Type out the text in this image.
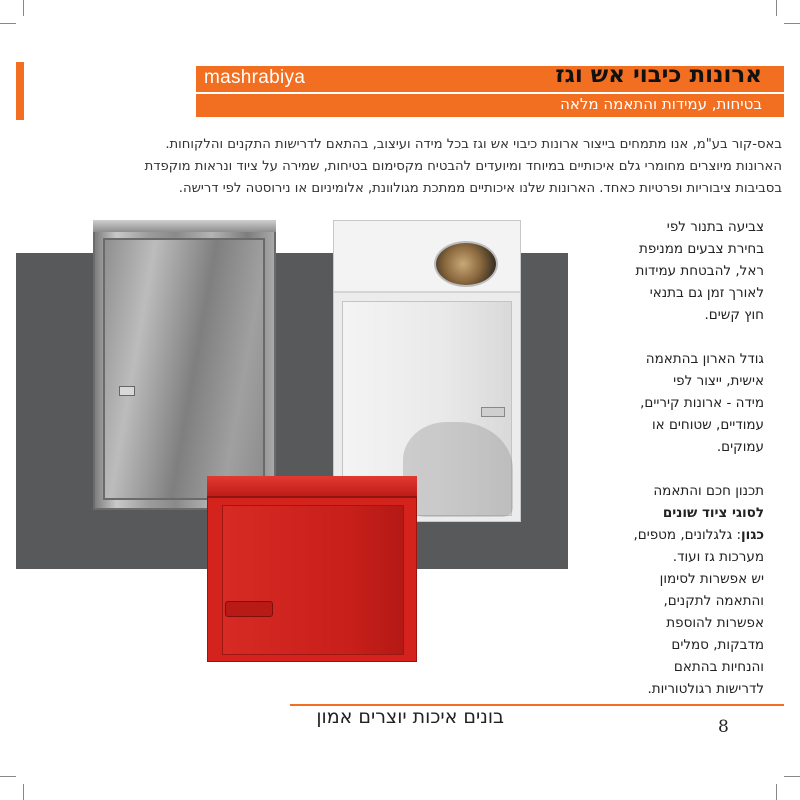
mashrabiya	ארונות כיבוי אש וגז
בטיחות, עמידות והתאמה מלאה

באס-קור בע"מ, אנו מתמחים בייצור ארונות כיבוי אש וגז בכל מידה ועיצוב, בהתאם לדרישות התקנים והלקוחות.

הארונות מיוצרים מחומרי גלם איכותיים במיוחד ומיועדים להבטיח מקסימום בטיחות, שמירה על ציוד ונראות מוקפדת

בסביבות ציבוריות ופרטיות כאחד. הארונות שלנו איכותיים ממתכת מגולוונת, אלומיניום או נירוסטה לפי דרישה.

צביעה בתנור לפי
בחירת צבעים ממניפת
ראל, להבטחת עמידות
לאורך זמן גם בתנאי
חוץ קשים.

גודל הארון בהתאמה
אישית, ייצור לפי
מידה - ארונות קיריים,
עמודיים, שטוחים או
עמוקים.

תכנון חכם והתאמה
לסוגי ציוד שונים
כגון: גלגלונים, מטפים,
מערכות גז ועוד.
יש אפשרות לסימון
והתאמה לתקנים,
אפשרות להוספת
מדבקות, סמלים
והנחיות בהתאם
לדרישות רגולטוריות.

בונים איכות יוצרים אמון	8
